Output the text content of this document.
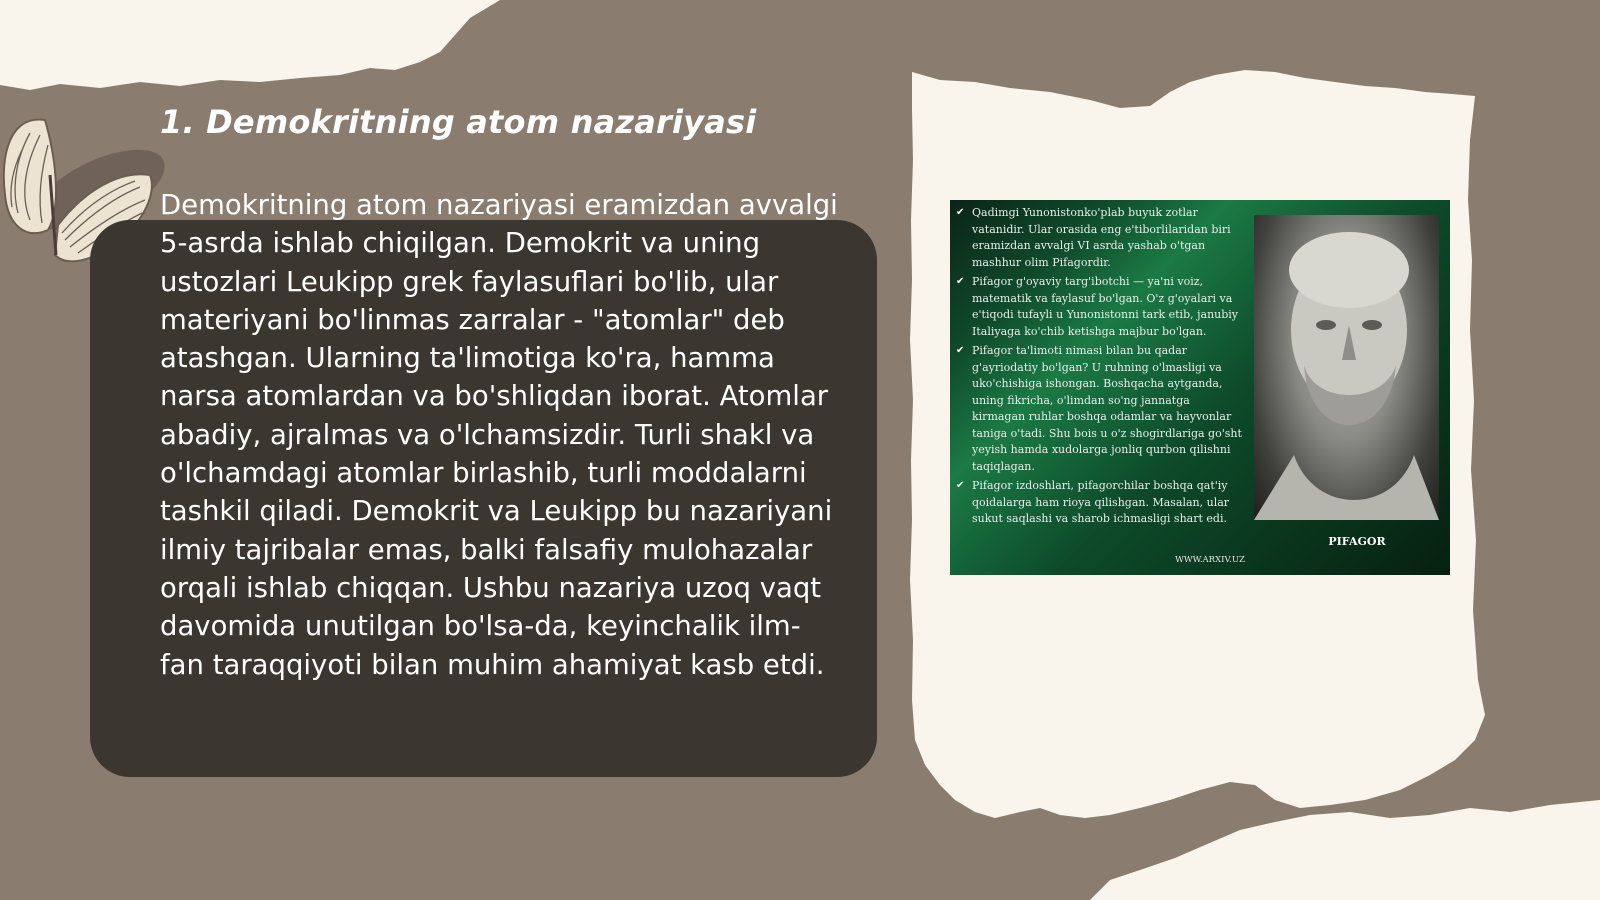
1. Demokritning atom nazariyasi

Demokritning atom nazariyasi eramizdan avvalgi 5-asrda ishlab chiqilgan. Demokrit va uning ustozlari Leukipp grek faylasuflari bo'lib, ular materiyani bo'linmas zarralar - "atomlar" deb atashgan. Ularning ta'limotiga ko'ra, hamma narsa atomlardan va bo'shliqdan iborat. Atomlar abadiy, ajralmas va o'lchamsizdir. Turli shakl va o'lchamdagi atomlar birlashib, turli moddalarni tashkil qiladi. Demokrit va Leukipp bu nazariyani ilmiy tajribalar emas, balki falsafiy mulohazalar orqali ishlab chiqqan. Ushbu nazariya uzoq vaqt davomida unutilgan bo'lsa-da, keyinchalik ilm-fan taraqqiyoti bilan muhim ahamiyat kasb etdi.

✔ Qadimgi Yunonistonko'plab buyuk zotlar vatanidir. Ular orasida eng e'tiborlilaridan biri eramizdan avvalgi VI asrda yashab o'tgan mashhur olim Pifagordir.
✔ Pifagor g'oyaviy targ'ibotchi — ya'ni voiz, matematik va faylasuf bo'lgan. O'z g'oyalari va e'tiqodi tufayli u Yunonistonni tark etib, janubiy Italiyaga ko'chib ketishga majbur bo'lgan.
✔ Pifagor ta'limoti nimasi bilan bu qadar g'ayriodatiy bo'lgan? U ruhning o'lmasligi va uko'chishiga ishongan. Boshqacha aytganda, uning fikricha, o'limdan so'ng jannatga kirmagan ruhlar boshqa odamlar va hayvonlar taniga o'tadi. Shu bois u o'z shogirdlariga go'sht yeyish hamda xudolarga jonliq qurbon qilishni taqiqlagan.
✔ Pifagor izdoshlari, pifagorchilar boshqa qat'iy qoidalarga ham rioya qilishgan. Masalan, ular sukut saqlashi va sharob ichmasligi shart edi.
PIFAGOR
WWW.ARXIV.UZ
